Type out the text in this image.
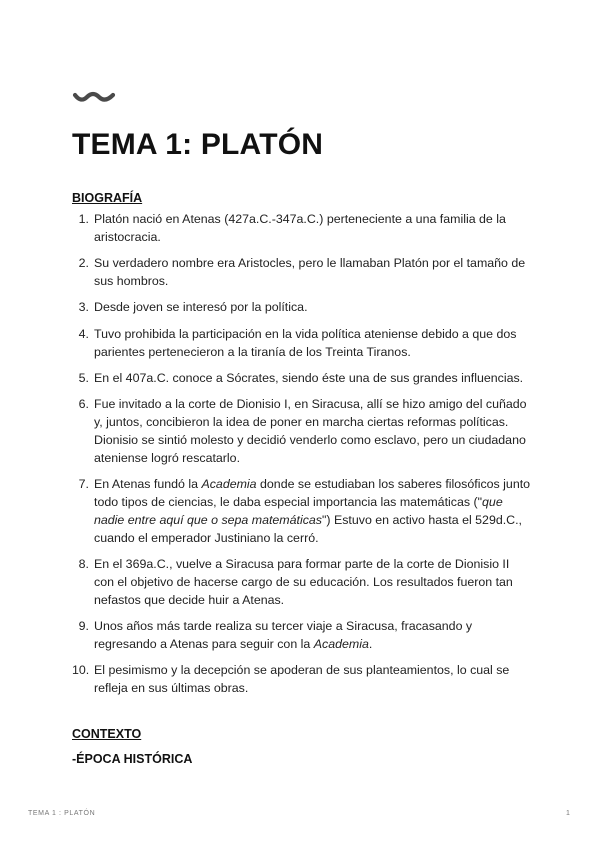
TEMA 1: PLATÓN
BIOGRAFÍA
1. Platón nació en Atenas (427a.C.-347a.C.) perteneciente a una familia de la aristocracia.
2. Su verdadero nombre era Aristocles, pero le llamaban Platón por el tamaño de sus hombros.
3. Desde joven se interesó por la política.
4. Tuvo prohibida la participación en la vida política ateniense debido a que dos parientes pertenecieron a la tiranía de los Treinta Tiranos.
5. En el 407a.C. conoce a Sócrates, siendo éste una de sus grandes influencias.
6. Fue invitado a la corte de Dionisio I, en Siracusa, allí se hizo amigo del cuñado y, juntos, concibieron la idea de poner en marcha ciertas reformas políticas. Dionisio se sintió molesto y decidió venderlo como esclavo, pero un ciudadano ateniense logró rescatarlo.
7. En Atenas fundó la Academia donde se estudiaban los saberes filosóficos junto todo tipos de ciencias, le daba especial importancia las matemáticas ("que nadie entre aquí que o sepa matemáticas") Estuvo en activo hasta el 529d.C., cuando el emperador Justiniano la cerró.
8. En el 369a.C., vuelve a Siracusa para formar parte de la corte de Dionisio II con el objetivo de hacerse cargo de su educación. Los resultados fueron tan nefastos que decide huir a Atenas.
9. Unos años más tarde realiza su tercer viaje a Siracusa, fracasando y regresando a Atenas para seguir con la Academia.
10. El pesimismo y la decepción se apoderan de sus planteamientos, lo cual se refleja en sus últimas obras.
CONTEXTO
-ÉPOCA HISTÓRICA
TEMA 1 : PLATÓN	1
